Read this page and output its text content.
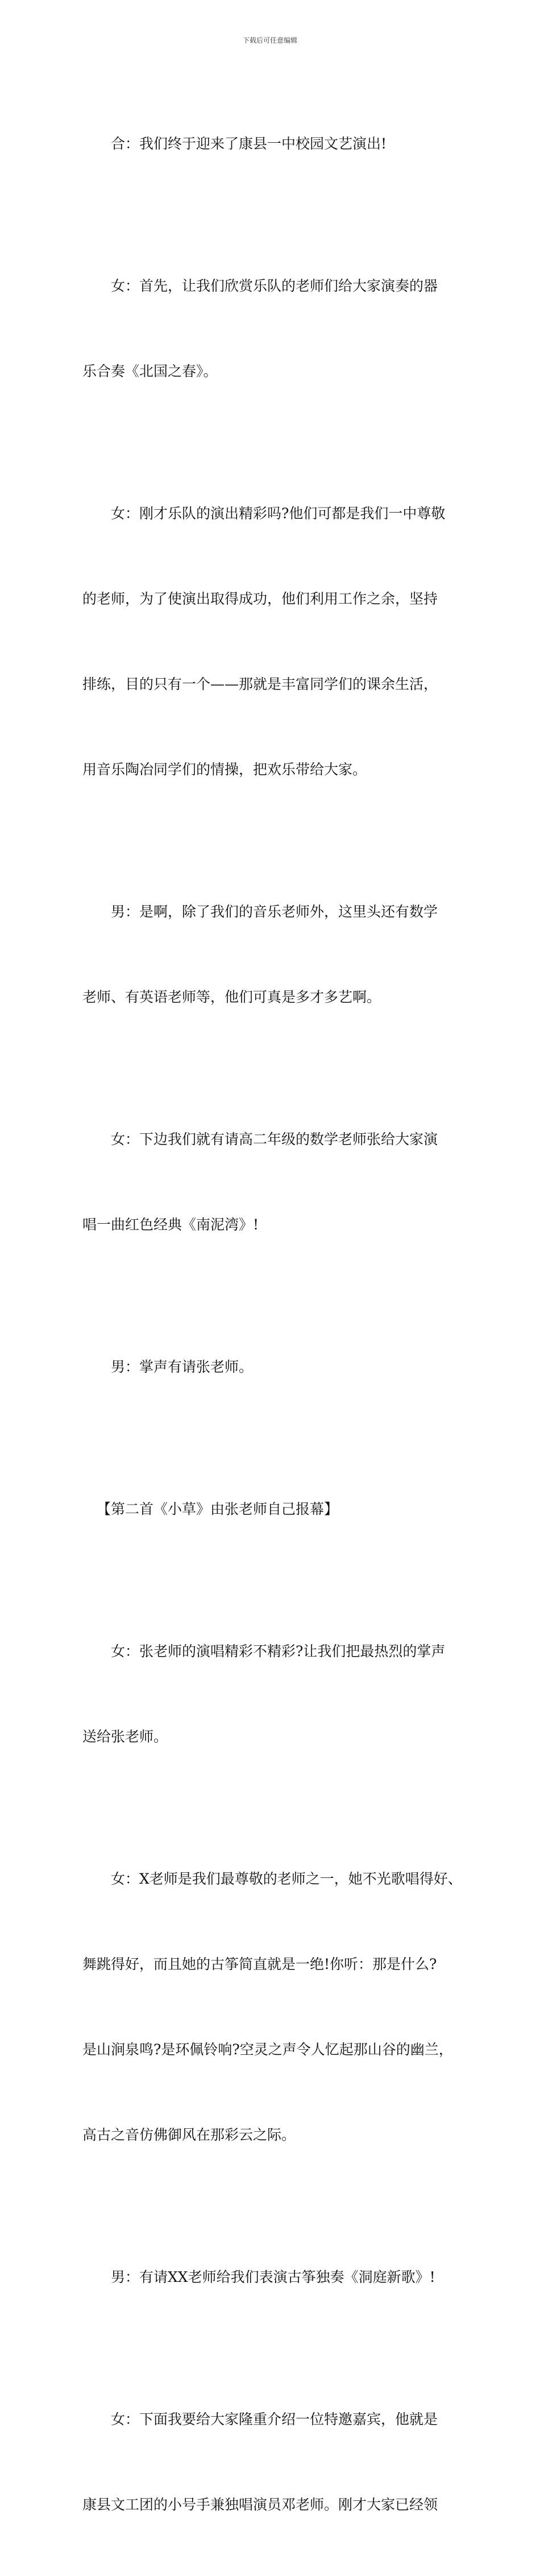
下载后可任意编辑

合：我们终于迎来了康县一中校园文艺演出!

女：首先，让我们欣赏乐队的老师们给大家演奏的器

乐合奏《北国之春》。

女：刚才乐队的演出精彩吗?他们可都是我们一中尊敬

的老师，为了使演出取得成功，他们利用工作之余，坚持

排练，目的只有一个——那就是丰富同学们的课余生活，

用音乐陶冶同学们的情操，把欢乐带给大家。

男：是啊，除了我们的音乐老师外，这里头还有数学

老师、有英语老师等，他们可真是多才多艺啊。

女：下边我们就有请高二年级的数学老师张给大家演

唱一曲红色经典《南泥湾》!

男：掌声有请张老师。

【第二首《小草》由张老师自己报幕】

女：张老师的演唱精彩不精彩?让我们把最热烈的掌声

送给张老师。

女：X老师是我们最尊敬的老师之一，她不光歌唱得好、

舞跳得好，而且她的古筝简直就是一绝!你听：那是什么?

是山涧泉鸣?是环佩铃响?空灵之声令人忆起那山谷的幽兰，

高古之音仿佛御风在那彩云之际。

男：有请XX老师给我们表演古筝独奏《洞庭新歌》!

女：下面我要给大家隆重介绍一位特邀嘉宾，他就是

康县文工团的小号手兼独唱演员邓老师。刚才大家已经领
